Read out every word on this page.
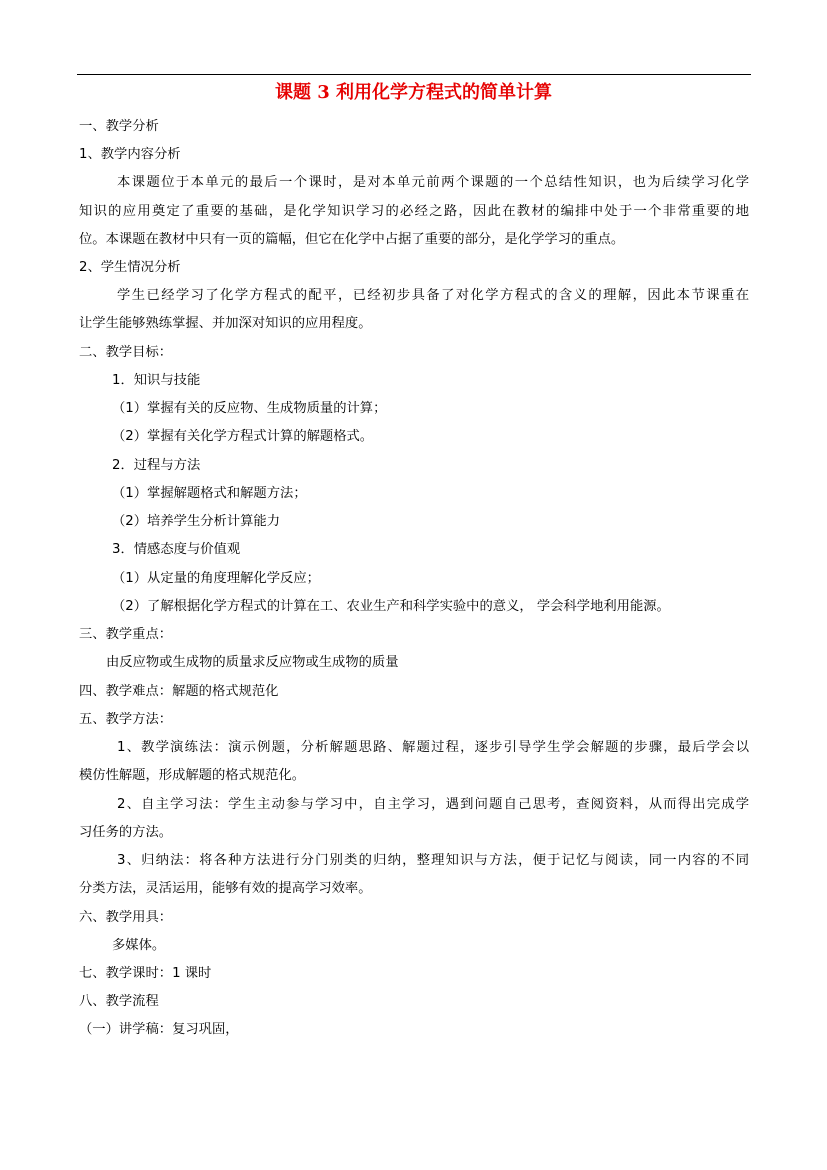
课题 3 利用化学方程式的简单计算
一、教学分析
1、教学内容分析
本课题位于本单元的最后一个课时，是对本单元前两个课题的一个总结性知识，也为后续学习化学
知识的应用奠定了重要的基础，是化学知识学习的必经之路，因此在教材的编排中处于一个非常重要的地
位。本课题在教材中只有一页的篇幅，但它在化学中占据了重要的部分，是化学学习的重点。
2、学生情况分析
学生已经学习了化学方程式的配平，已经初步具备了对化学方程式的含义的理解，因此本节课重在
让学生能够熟练掌握、并加深对知识的应用程度。
二、教学目标：
1．知识与技能
（1）掌握有关的反应物、生成物质量的计算；
（2）掌握有关化学方程式计算的解题格式。
2．过程与方法
（1）掌握解题格式和解题方法；
（2）培养学生分析计算能力
3．情感态度与价值观
（1）从定量的角度理解化学反应；
（2）了解根据化学方程式的计算在工、农业生产和科学实验中的意义， 学会科学地利用能源。
三、教学重点：
由反应物或生成物的质量求反应物或生成物的质量
四、教学难点：解题的格式规范化
五、教学方法：
1、教学演练法：演示例题，分析解题思路、解题过程，逐步引导学生学会解题的步骤，最后学会以
模仿性解题，形成解题的格式规范化。
2、自主学习法：学生主动参与学习中，自主学习，遇到问题自己思考，查阅资料，从而得出完成学
习任务的方法。
3、归纳法：将各种方法进行分门别类的归纳，整理知识与方法，便于记忆与阅读，同一内容的不同
分类方法，灵活运用，能够有效的提高学习效率。
六、教学用具：
多媒体。
七、教学课时：1 课时
八、教学流程
（一）讲学稿：复习巩固，
